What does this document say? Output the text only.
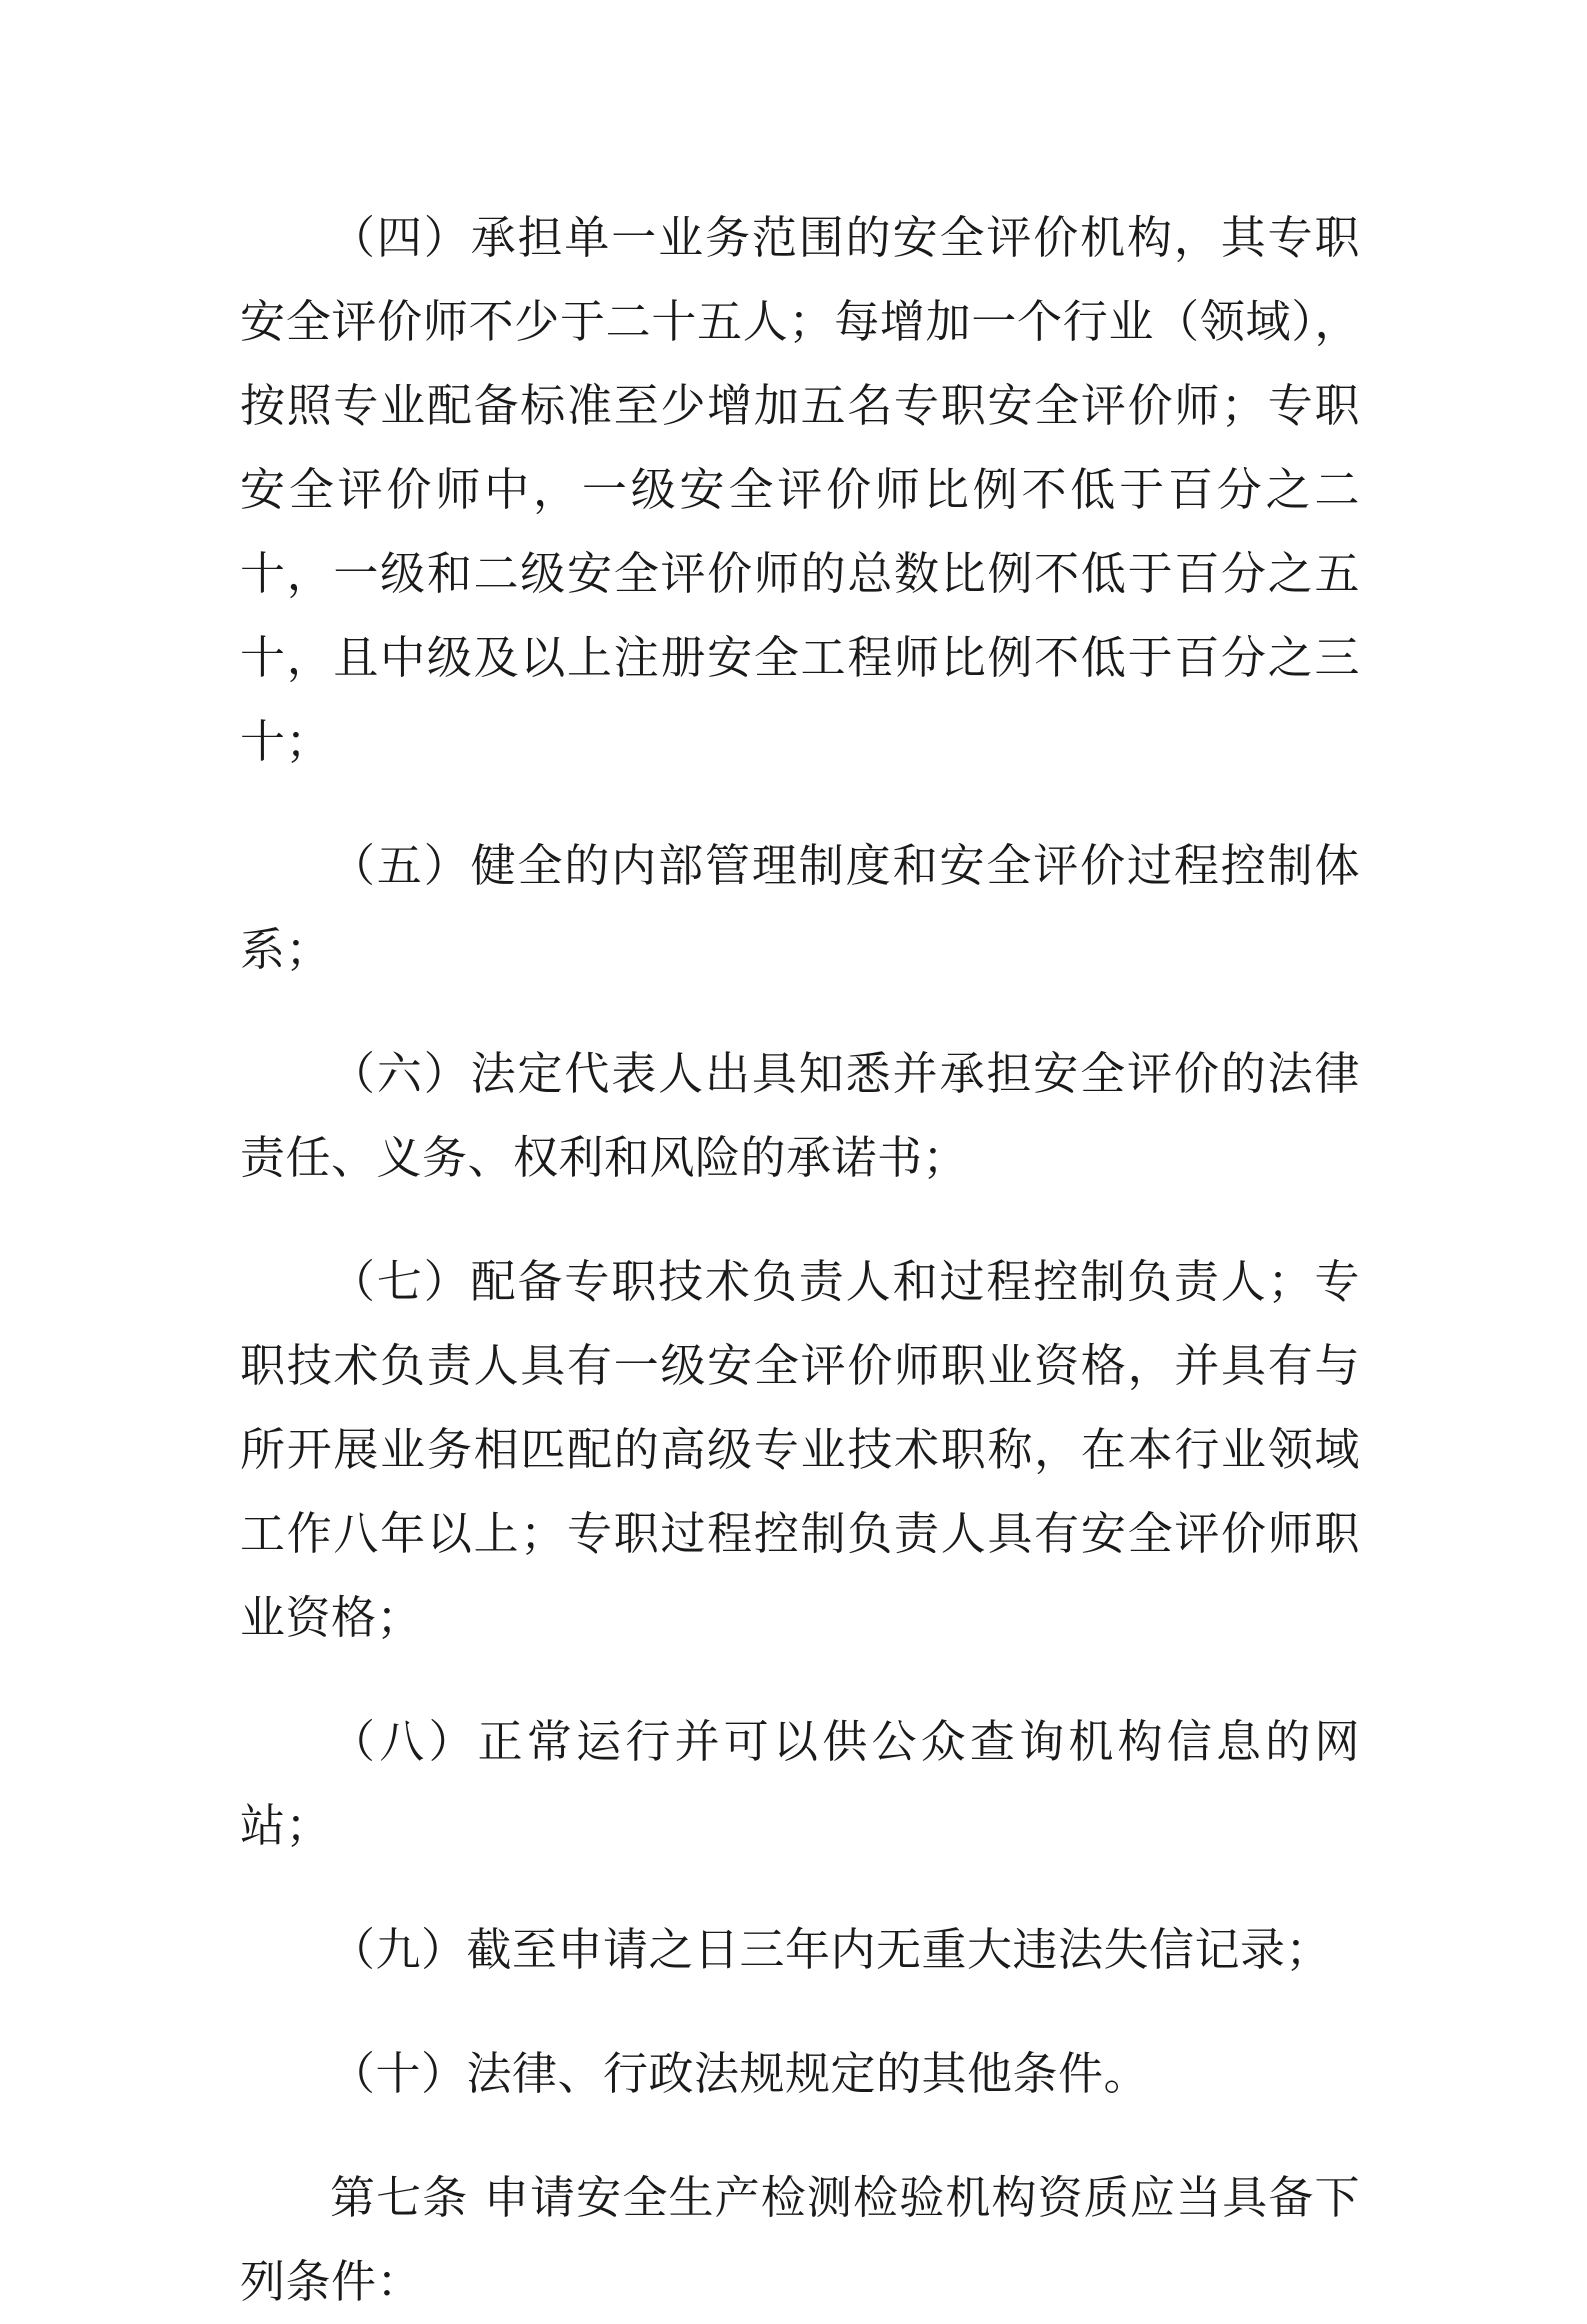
（四）承担单一业务范围的安全评价机构，其专职安全评价师不少于二十五人；每增加一个行业（领域），按照专业配备标准至少增加五名专职安全评价师；专职安全评价师中，一级安全评价师比例不低于百分之二十，一级和二级安全评价师的总数比例不低于百分之五十，且中级及以上注册安全工程师比例不低于百分之三十；

（五）健全的内部管理制度和安全评价过程控制体系；

（六）法定代表人出具知悉并承担安全评价的法律责任、义务、权利和风险的承诺书；

（七）配备专职技术负责人和过程控制负责人；专职技术负责人具有一级安全评价师职业资格，并具有与所开展业务相匹配的高级专业技术职称，在本行业领域工作八年以上；专职过程控制负责人具有安全评价师职业资格；

（八）正常运行并可以供公众查询机构信息的网站；

（九）截至申请之日三年内无重大违法失信记录；

（十）法律、行政法规规定的其他条件。

第七条 申请安全生产检测检验机构资质应当具备下列条件：
